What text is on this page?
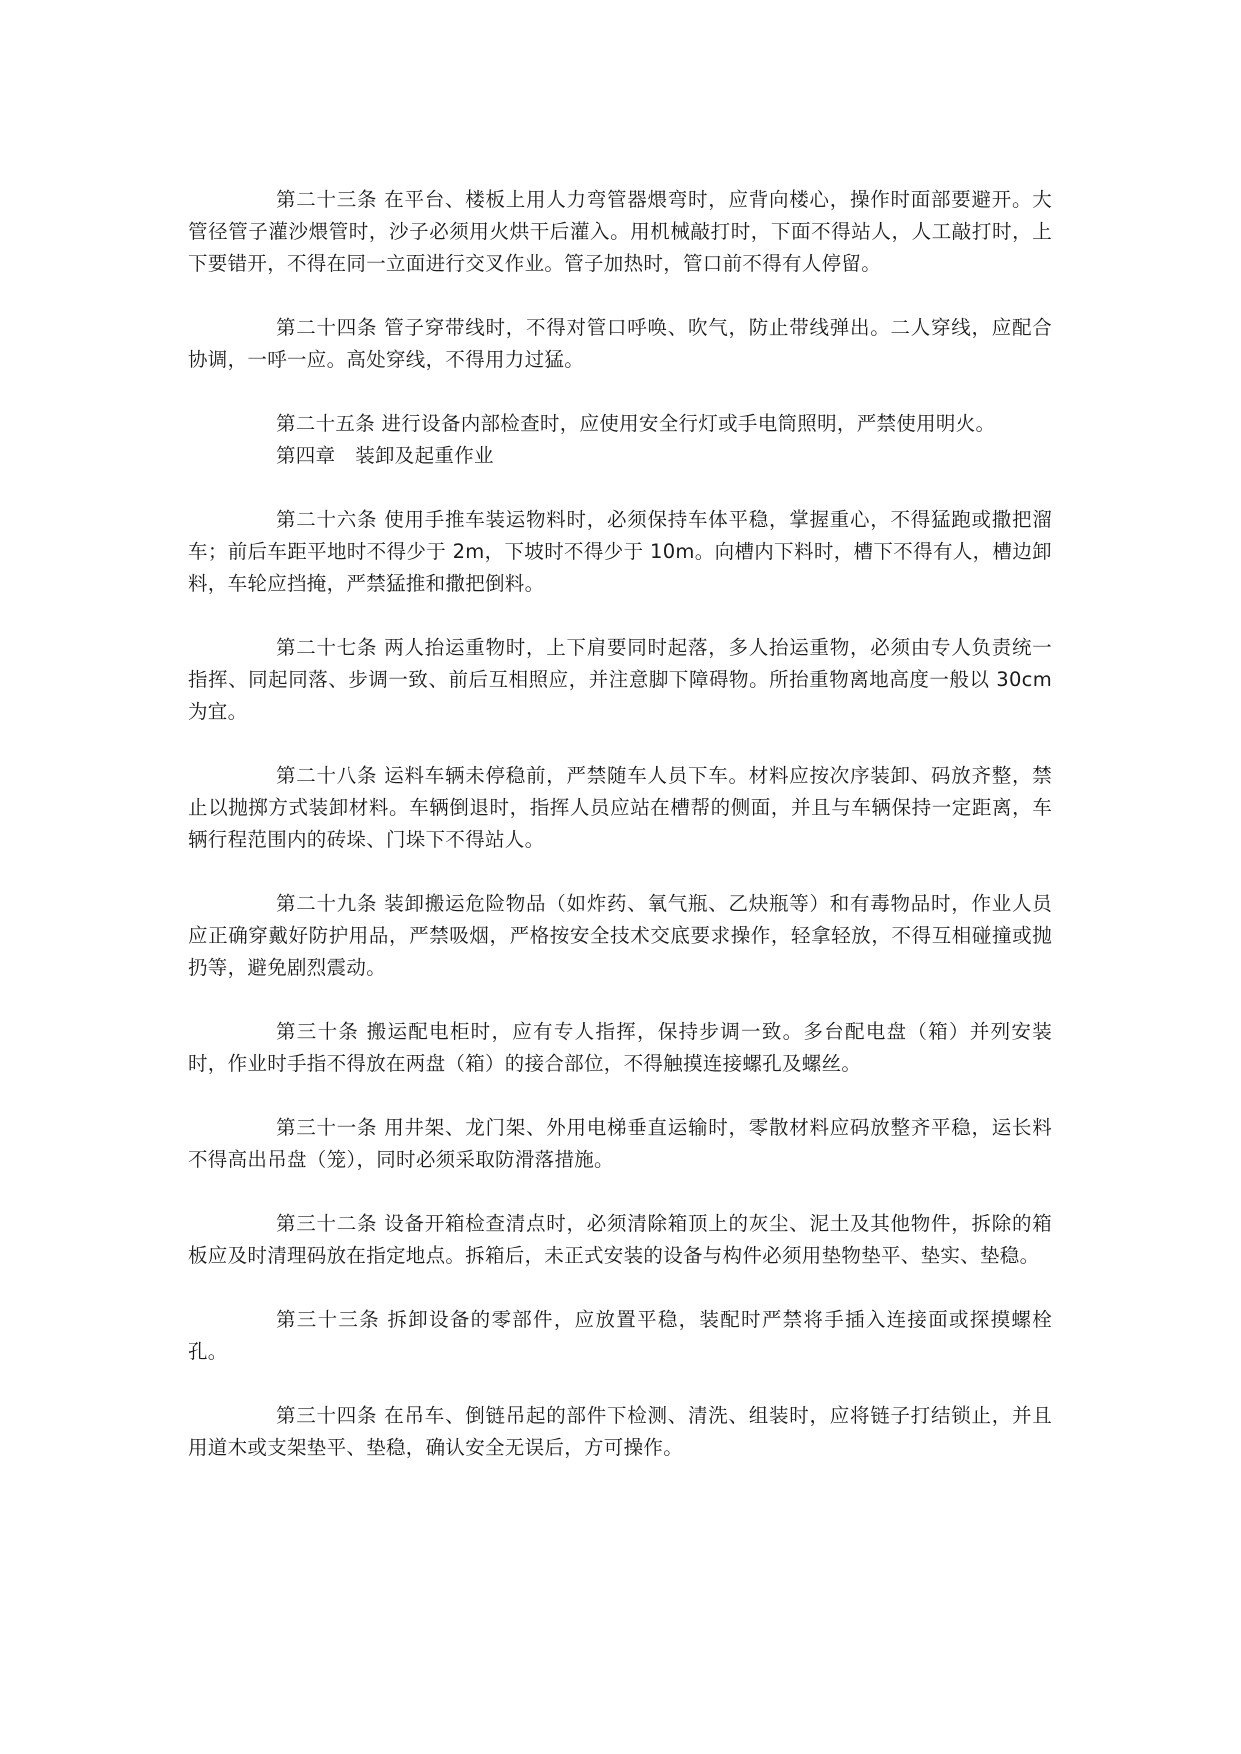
第二十三条 在平台、楼板上用人力弯管器煨弯时，应背向楼心，操作时面部要避开。大管径管子灌沙煨管时，沙子必须用火烘干后灌入。用机械敲打时，下面不得站人，人工敲打时，上下要错开，不得在同一立面进行交叉作业。管子加热时，管口前不得有人停留。

第二十四条 管子穿带线时，不得对管口呼唤、吹气，防止带线弹出。二人穿线，应配合协调，一呼一应。高处穿线，不得用力过猛。

第二十五条 进行设备内部检查时，应使用安全行灯或手电筒照明，严禁使用明火。

第四章　装卸及起重作业

第二十六条 使用手推车装运物料时，必须保持车体平稳，掌握重心，不得猛跑或撒把溜车；前后车距平地时不得少于 2m，下坡时不得少于 10m。向槽内下料时，槽下不得有人，槽边卸料，车轮应挡掩，严禁猛推和撒把倒料。

第二十七条 两人抬运重物时，上下肩要同时起落，多人抬运重物，必须由专人负责统一指挥、同起同落、步调一致、前后互相照应，并注意脚下障碍物。所抬重物离地高度一般以 30cm 为宜。

第二十八条 运料车辆未停稳前，严禁随车人员下车。材料应按次序装卸、码放齐整，禁止以抛掷方式装卸材料。车辆倒退时，指挥人员应站在槽帮的侧面，并且与车辆保持一定距离，车辆行程范围内的砖垛、门垛下不得站人。

第二十九条 装卸搬运危险物品（如炸药、氧气瓶、乙炔瓶等）和有毒物品时，作业人员应正确穿戴好防护用品，严禁吸烟，严格按安全技术交底要求操作，轻拿轻放，不得互相碰撞或抛扔等，避免剧烈震动。

第三十条 搬运配电柜时，应有专人指挥，保持步调一致。多台配电盘（箱）并列安装时，作业时手指不得放在两盘（箱）的接合部位，不得触摸连接螺孔及螺丝。

第三十一条 用井架、龙门架、外用电梯垂直运输时，零散材料应码放整齐平稳，运长料不得高出吊盘（笼），同时必须采取防滑落措施。

第三十二条 设备开箱检查清点时，必须清除箱顶上的灰尘、泥土及其他物件，拆除的箱板应及时清理码放在指定地点。拆箱后，未正式安装的设备与构件必须用垫物垫平、垫实、垫稳。

第三十三条 拆卸设备的零部件，应放置平稳，装配时严禁将手插入连接面或探摸螺栓孔。

第三十四条 在吊车、倒链吊起的部件下检测、清洗、组装时，应将链子打结锁止，并且用道木或支架垫平、垫稳，确认安全无误后，方可操作。
